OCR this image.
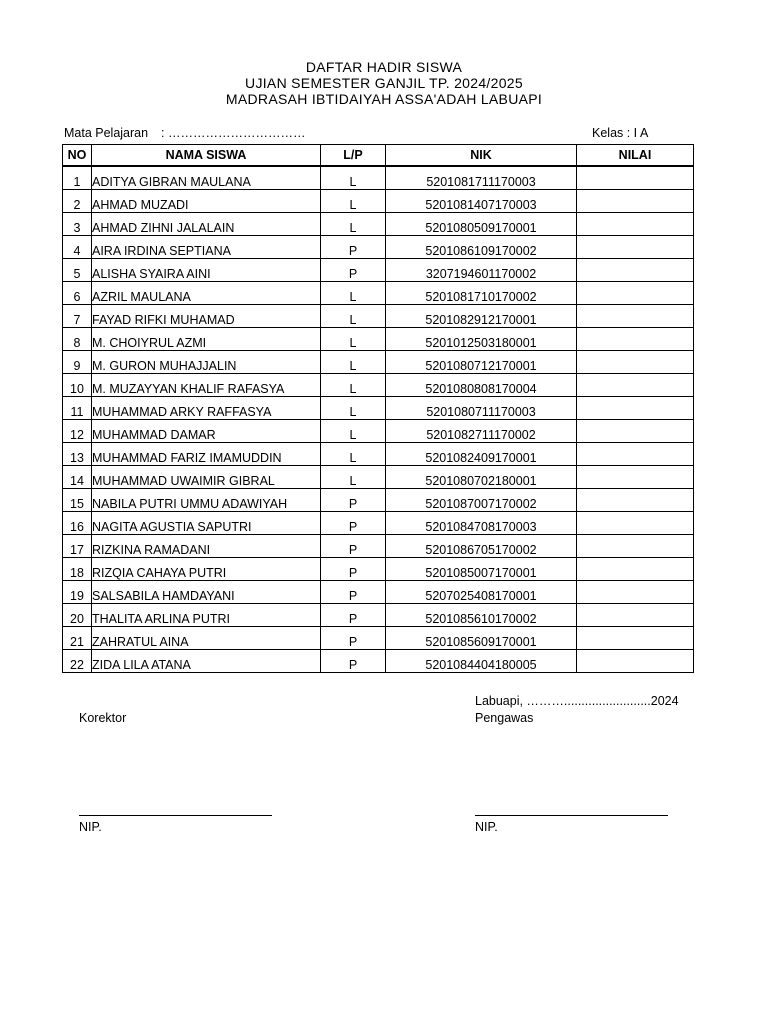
DAFTAR HADIR SISWA
UJIAN SEMESTER GANJIL TP. 2024/2025
MADRASAH IBTIDAIYAH ASSA'ADAH LABUAPI
Mata Pelajaran : ……………………………	Kelas : I A
NO	NAMA SISWA	L/P	NIK	NILAI
1	ADITYA GIBRAN MAULANA	L	5201081711170003	
2	AHMAD MUZADI	L	5201081407170003	
3	AHMAD ZIHNI JALALAIN	L	5201080509170001	
4	AIRA IRDINA SEPTIANA	P	5201086109170002	
5	ALISHA SYAIRA AINI	P	3207194601170002	
6	AZRIL MAULANA	L	5201081710170002	
7	FAYAD RIFKI MUHAMAD	L	5201082912170001	
8	M. CHOIYRUL AZMI	L	5201012503180001	
9	M. GURON MUHAJJALIN	L	5201080712170001	
10	M. MUZAYYAN KHALIF RAFASYA	L	5201080808170004	
11	MUHAMMAD ARKY RAFFASYA	L	5201080711170003	
12	MUHAMMAD DAMAR	L	5201082711170002	
13	MUHAMMAD FARIZ IMAMUDDIN	L	5201082409170001	
14	MUHAMMAD UWAIMIR GIBRAL	L	5201080702180001	
15	NABILA PUTRI UMMU ADAWIYAH	P	5201087007170002	
16	NAGITA AGUSTIA SAPUTRI	P	5201084708170003	
17	RIZKINA RAMADANI	P	5201086705170002	
18	RIZQIA CAHAYA PUTRI	P	5201085007170001	
19	SALSABILA HAMDAYANI	P	5207025408170001	
20	THALITA ARLINA PUTRI	P	5201085610170002	
21	ZAHRATUL AINA	P	5201085609170001	
22	ZIDA LILA ATANA	P	5201084404180005	
Labuapi, ……….........................2024
Korektor	Pengawas
NIP.	NIP.
